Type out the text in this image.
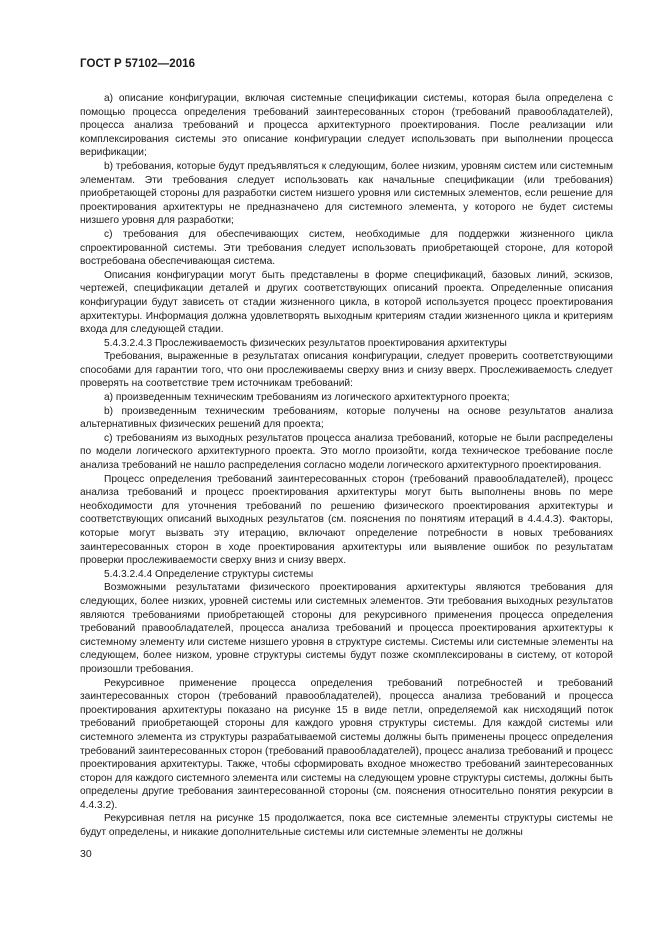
ГОСТ Р 57102—2016

а) описание конфигурации, включая системные спецификации системы, которая была определена с помощью процесса определения требований заинтересованных сторон (требований правообладателей), процесса анализа требований и процесса архитектурного проектирования. После реализации или комплексирования системы это описание конфигурации следует использовать при выполнении процесса верификации;

b) требования, которые будут предъявляться к следующим, более низким, уровням систем или системным элементам. Эти требования следует использовать как начальные спецификации (или требования) приобретающей стороны для разработки систем низшего уровня или системных элементов, если решение для проектирования архитектуры не предназначено для системного элемента, у которого не будет системы низшего уровня для разработки;

c) требования для обеспечивающих систем, необходимые для поддержки жизненного цикла спроектированной системы. Эти требования следует использовать приобретающей стороне, для которой востребована обеспечивающая система.

Описания конфигурации могут быть представлены в форме спецификаций, базовых линий, эскизов, чертежей, спецификации деталей и других соответствующих описаний проекта. Определенные описания конфигурации будут зависеть от стадии жизненного цикла, в которой используется процесс проектирования архитектуры. Информация должна удовлетворять выходным критериям стадии жизненного цикла и критериям входа для следующей стадии.

5.4.3.2.4.3 Прослеживаемость физических результатов проектирования архитектуры

Требования, выраженные в результатах описания конфигурации, следует проверить соответствующими способами для гарантии того, что они прослеживаемы сверху вниз и снизу вверх. Прослеживаемость следует проверять на соответствие трем источникам требований:

а) произведенным техническим требованиям из логического архитектурного проекта;

b) произведенным техническим требованиям, которые получены на основе результатов анализа альтернативных физических решений для проекта;

c) требованиям из выходных результатов процесса анализа требований, которые не были распределены по модели логического архитектурного проекта. Это могло произойти, когда техническое требование после анализа требований не нашло распределения согласно модели логического архитектурного проектирования.

Процесс определения требований заинтересованных сторон (требований правообладателей), процесс анализа требований и процесс проектирования архитектуры могут быть выполнены вновь по мере необходимости для уточнения требований по решению физического проектирования архитектуры и соответствующих описаний выходных результатов (см. пояснения по понятиям итераций в 4.4.4.3). Факторы, которые могут вызвать эту итерацию, включают определение потребности в новых требованиях заинтересованных сторон в ходе проектирования архитектуры или выявление ошибок по результатам проверки прослеживаемости сверху вниз и снизу вверх.

5.4.3.2.4.4 Определение структуры системы

Возможными результатами физического проектирования архитектуры являются требования для следующих, более низких, уровней системы или системных элементов. Эти требования выходных результатов являются требованиями приобретающей стороны для рекурсивного применения процесса определения требований правообладателей, процесса анализа требований и процесса проектирования архитектуры к системному элементу или системе низшего уровня в структуре системы. Системы или системные элементы на следующем, более низком, уровне структуры системы будут позже скомплексированы в систему, от которой произошли требования.

Рекурсивное применение процесса определения требований потребностей и требований заинтересованных сторон (требований правообладателей), процесса анализа требований и процесса проектирования архитектуры показано на рисунке 15 в виде петли, определяемой как нисходящий поток требований приобретающей стороны для каждого уровня структуры системы. Для каждой системы или системного элемента из структуры разрабатываемой системы должны быть применены процесс определения требований заинтересованных сторон (требований правообладателей), процесс анализа требований и процесс проектирования архитектуры. Также, чтобы сформировать входное множество требований заинтересованных сторон для каждого системного элемента или системы на следующем уровне структуры системы, должны быть определены другие требования заинтересованной стороны (см. пояснения относительно понятия рекурсии в 4.4.3.2).

Рекурсивная петля на рисунке 15 продолжается, пока все системные элементы структуры системы не будут определены, и никакие дополнительные системы или системные элементы не должны

30
